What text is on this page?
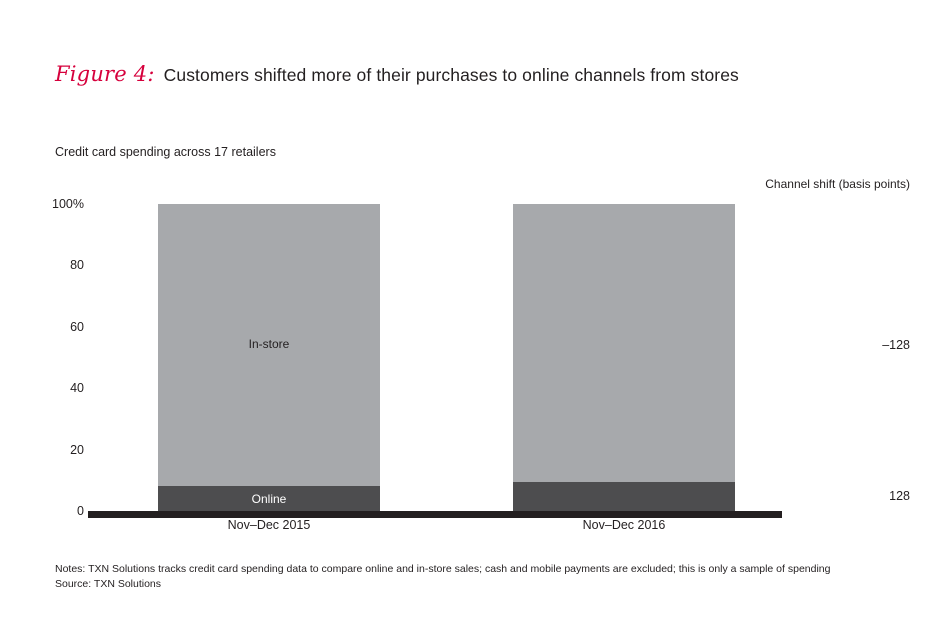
Figure 4: Customers shifted more of their purchases to online channels from stores
Credit card spending across 17 retailers
Channel shift (basis points)
100%
80
60
40
20
0
In-store
Online
Nov–Dec 2015	Nov–Dec 2016
–128
128
Notes: TXN Solutions tracks credit card spending data to compare online and in-store sales; cash and mobile payments are excluded; this is only a sample of spending
Source: TXN Solutions
